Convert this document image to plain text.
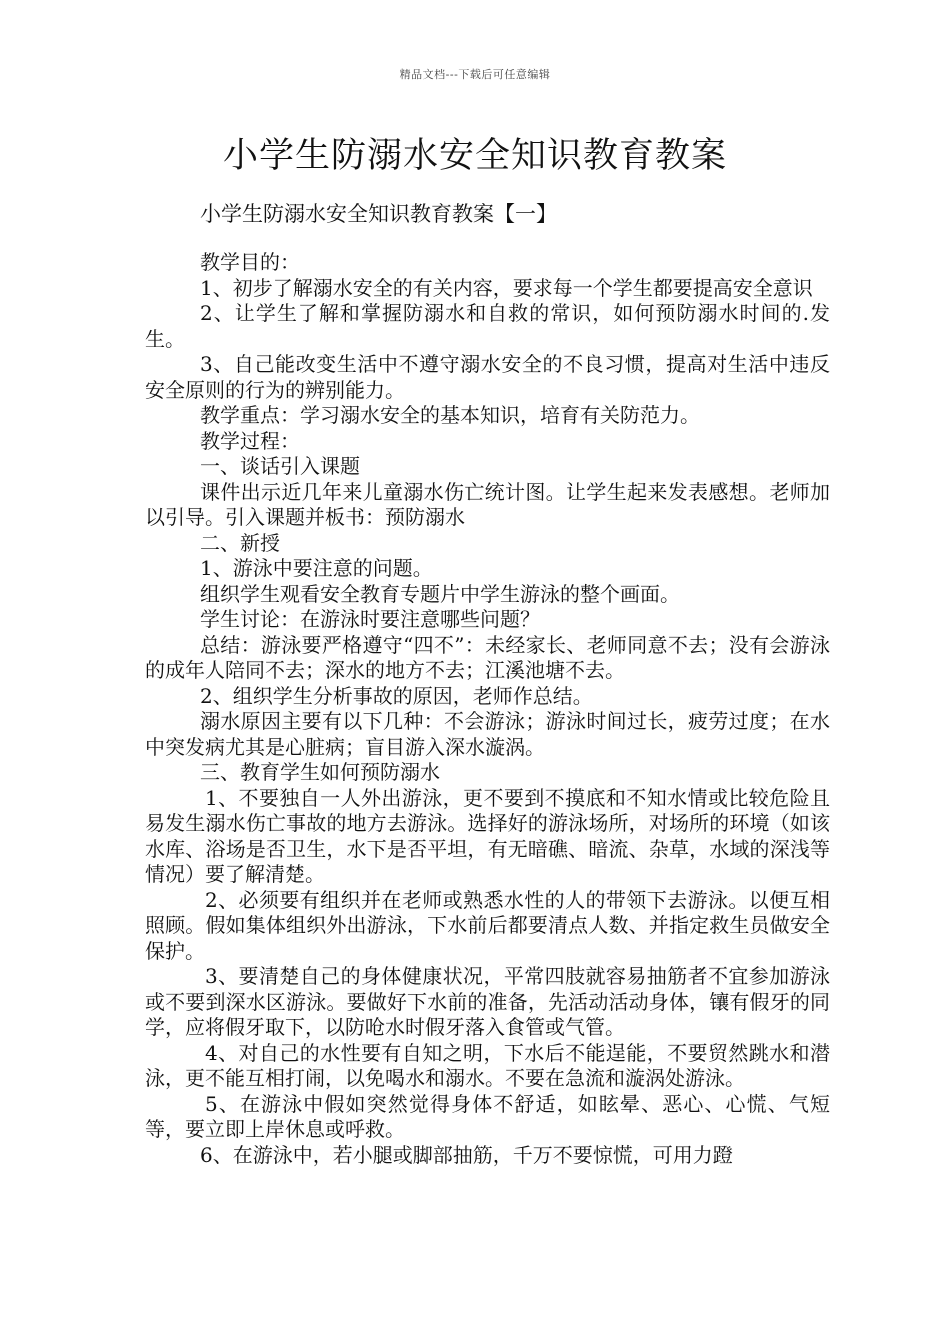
精品文档---下载后可任意编辑
小学生防溺水安全知识教育教案
小学生防溺水安全知识教育教案【一】

教学目的：

1、初步了解溺水安全的有关内容，要求每一个学生都要提高安全意识

2、让学生了解和掌握防溺水和自救的常识，如何预防溺水时间的.发生。

3、自己能改变生活中不遵守溺水安全的不良习惯，提高对生活中违反安全原则的行为的辨别能力。

教学重点：学习溺水安全的基本知识，培育有关防范力。

教学过程：

一、谈话引入课题

课件出示近几年来儿童溺水伤亡统计图。让学生起来发表感想。老师加以引导。引入课题并板书：预防溺水

二、新授

1、游泳中要注意的问题。

组织学生观看安全教育专题片中学生游泳的整个画面。

学生讨论：在游泳时要注意哪些问题？

总结：游泳要严格遵守“四不”：未经家长、老师同意不去；没有会游泳的成年人陪同不去；深水的地方不去；江溪池塘不去。

2、组织学生分析事故的原因，老师作总结。

溺水原因主要有以下几种：不会游泳；游泳时间过长，疲劳过度；在水中突发病尤其是心脏病；盲目游入深水漩涡。

三、教育学生如何预防溺水

1、不要独自一人外出游泳，更不要到不摸底和不知水情或比较危险且易发生溺水伤亡事故的地方去游泳。选择好的游泳场所，对场所的环境（如该水库、浴场是否卫生，水下是否平坦，有无暗礁、暗流、杂草，水域的深浅等情况）要了解清楚。

2、必须要有组织并在老师或熟悉水性的人的带领下去游泳。以便互相照顾。假如集体组织外出游泳，下水前后都要清点人数、并指定救生员做安全保护。

3、要清楚自己的身体健康状况，平常四肢就容易抽筋者不宜参加游泳或不要到深水区游泳。要做好下水前的准备，先活动活动身体，镶有假牙的同学，应将假牙取下，以防呛水时假牙落入食管或气管。

4、对自己的水性要有自知之明，下水后不能逞能，不要贸然跳水和潜泳，更不能互相打闹，以免喝水和溺水。不要在急流和漩涡处游泳。

5、在游泳中假如突然觉得身体不舒适，如眩晕、恶心、心慌、气短等，要立即上岸休息或呼救。

6、在游泳中，若小腿或脚部抽筋，千万不要惊慌，可用力蹬
